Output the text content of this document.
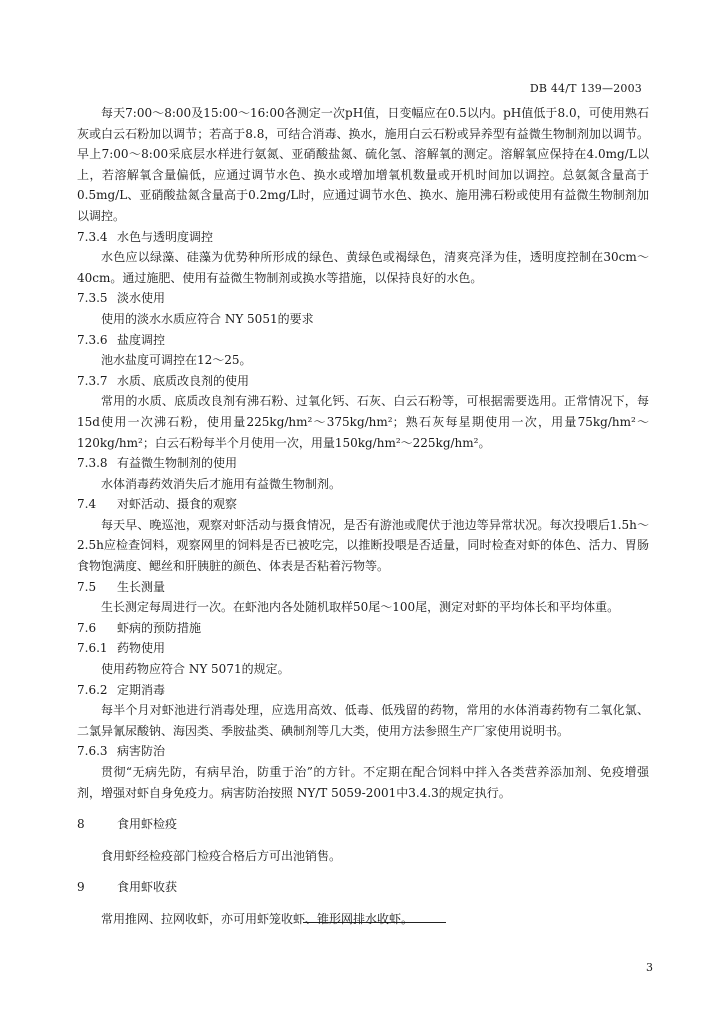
DB 44/T 139—2003

每天7:00～8:00及15:00～16:00各测定一次pH值，日变幅应在0.5以内。pH值低于8.0，可使用熟石灰或白云石粉加以调节；若高于8.8，可结合消毒、换水，施用白云石粉或异养型有益微生物制剂加以调节。早上7:00～8:00采底层水样进行氨氮、亚硝酸盐氮、硫化氢、溶解氧的测定。溶解氧应保持在4.0mg/L以上，若溶解氧含量偏低，应通过调节水色、换水或增加增氧机数量或开机时间加以调控。总氨氮含量高于0.5mg/L、亚硝酸盐氮含量高于0.2mg/L时，应通过调节水色、换水、施用沸石粉或使用有益微生物制剂加以调控。

7.3.4 水色与透明度调控

水色应以绿藻、硅藻为优势种所形成的绿色、黄绿色或褐绿色，清爽亮泽为佳，透明度控制在30cm～40cm。通过施肥、使用有益微生物制剂或换水等措施，以保持良好的水色。

7.3.5 淡水使用

使用的淡水水质应符合 NY 5051的要求

7.3.6 盐度调控

池水盐度可调控在12～25。

7.3.7 水质、底质改良剂的使用

常用的水质、底质改良剂有沸石粉、过氧化钙、石灰、白云石粉等，可根据需要选用。正常情况下，每15d使用一次沸石粉，使用量225kg/hm²～375kg/hm²；熟石灰每星期使用一次，用量75kg/hm²～120kg/hm²；白云石粉每半个月使用一次，用量150kg/hm²～225kg/hm²。

7.3.8 有益微生物制剂的使用

水体消毒药效消失后才施用有益微生物制剂。

7.4 对虾活动、摄食的观察

每天早、晚巡池，观察对虾活动与摄食情况，是否有游池或爬伏于池边等异常状况。每次投喂后1.5h～2.5h应检查饲料，观察网里的饲料是否已被吃完，以推断投喂是否适量，同时检查对虾的体色、活力、胃肠食物饱满度、鳃丝和肝胰脏的颜色、体表是否粘着污物等。

7.5 生长测量

生长测定每周进行一次。在虾池内各处随机取样50尾～100尾，测定对虾的平均体长和平均体重。

7.6 虾病的预防措施

7.6.1 药物使用

使用药物应符合 NY 5071的规定。

7.6.2 定期消毒

每半个月对虾池进行消毒处理，应选用高效、低毒、低残留的药物，常用的水体消毒药物有二氧化氯、二氯异氰尿酸钠、海因类、季胺盐类、碘制剂等几大类，使用方法参照生产厂家使用说明书。

7.6.3 病害防治

贯彻“无病先防，有病早治，防重于治”的方针。不定期在配合饲料中拌入各类营养添加剂、免疫增强剂，增强对虾自身免疫力。病害防治按照 NY/T 5059-2001中3.4.3的规定执行。

8	食用虾检疫

食用虾经检疫部门检疫合格后方可出池销售。

9	食用虾收获

常用推网、拉网收虾，亦可用虾笼收虾、锥形网排水收虾。

3
